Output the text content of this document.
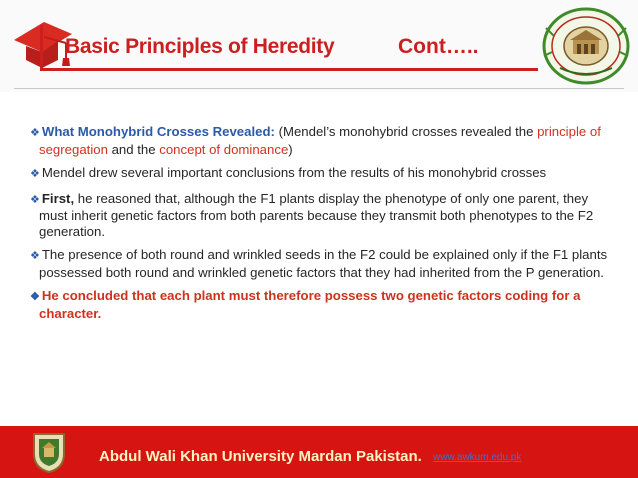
Basic Principles of Heredity	Cont…..

❖ What Monohybrid Crosses Revealed: (Mendel’s monohybrid crosses revealed the principle of segregation and the concept of dominance)

❖ Mendel drew several important conclusions from the results of his monohybrid crosses

❖ First, he reasoned that, although the F1 plants display the phenotype of only one parent, they must inherit genetic factors from both parents because they transmit both phenotypes to the F2 generation.

❖ The presence of both round and wrinkled seeds in the F2 could be explained only if the F1 plants possessed both round and wrinkled genetic factors that they had inherited from the P generation.

❖ He concluded that each plant must therefore possess two genetic factors coding for a character.

Abdul Wali Khan University Mardan Pakistan. www.awkum.edu.pk
